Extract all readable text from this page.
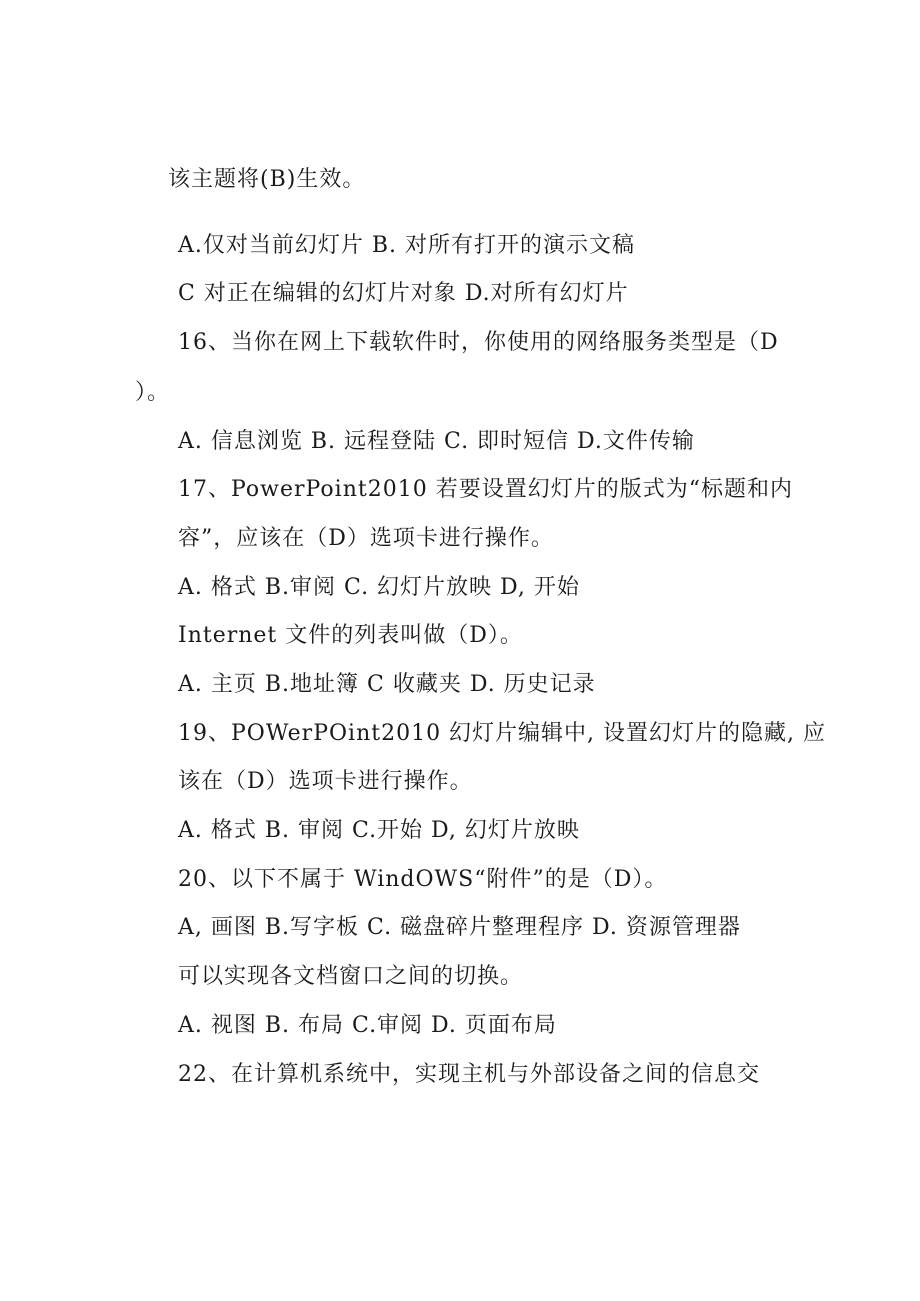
该主题将(B)生效。

A.仅对当前幻灯片 B. 对所有打开的演示文稿

C 对正在编辑的幻灯片对象 D.对所有幻灯片

16、当你在网上下载软件时，你使用的网络服务类型是（D

）。

A. 信息浏览 B. 远程登陆 C. 即时短信 D.文件传输

17、PowerPoint2010 若要设置幻灯片的版式为“标题和内

容”，应该在（D）选项卡进行操作。

A. 格式 B.审阅 C. 幻灯片放映 D, 开始

Internet 文件的列表叫做（D）。

A. 主页 B.地址簿 C 收藏夹 D. 历史记录

19、POWerPOint2010 幻灯片编辑中, 设置幻灯片的隐藏, 应

该在（D）选项卡进行操作。

A. 格式 B. 审阅 C.开始 D, 幻灯片放映

20、以下不属于 WindOWS“附件”的是（D）。

A, 画图 B.写字板 C. 磁盘碎片整理程序 D. 资源管理器

可以实现各文档窗口之间的切换。

A. 视图 B. 布局 C.审阅 D. 页面布局

22、在计算机系统中，实现主机与外部设备之间的信息交
